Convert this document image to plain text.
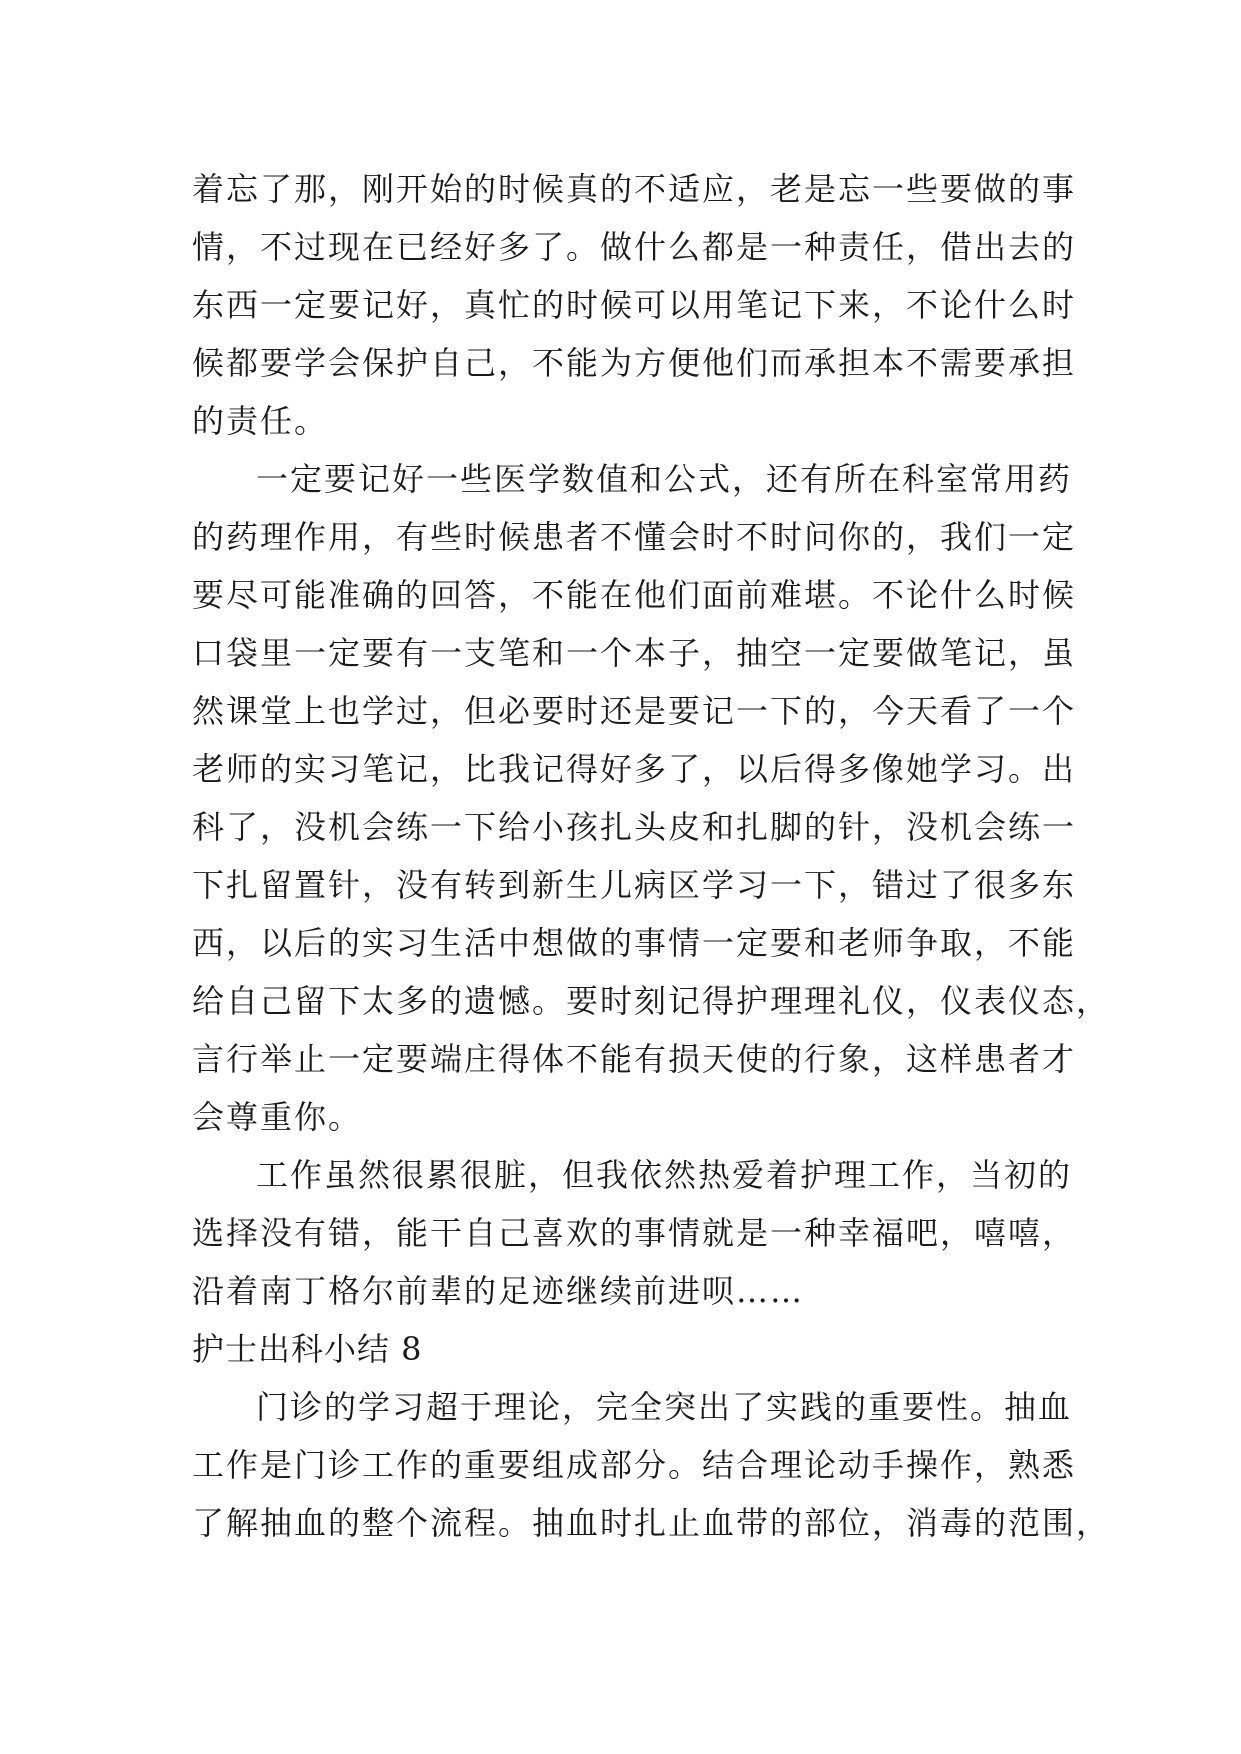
着忘了那，刚开始的时候真的不适应，老是忘一些要做的事
情，不过现在已经好多了。做什么都是一种责任，借出去的
东西一定要记好，真忙的时候可以用笔记下来，不论什么时
候都要学会保护自己，不能为方便他们而承担本不需要承担
的责任。
一定要记好一些医学数值和公式，还有所在科室常用药
的药理作用，有些时候患者不懂会时不时问你的，我们一定
要尽可能准确的回答，不能在他们面前难堪。不论什么时候
口袋里一定要有一支笔和一个本子，抽空一定要做笔记，虽
然课堂上也学过，但必要时还是要记一下的，今天看了一个
老师的实习笔记，比我记得好多了，以后得多像她学习。出
科了，没机会练一下给小孩扎头皮和扎脚的针，没机会练一
下扎留置针，没有转到新生儿病区学习一下，错过了很多东
西，以后的实习生活中想做的事情一定要和老师争取，不能
给自己留下太多的遗憾。要时刻记得护理理礼仪，仪表仪态，
言行举止一定要端庄得体不能有损天使的行象，这样患者才
会尊重你。
工作虽然很累很脏，但我依然热爱着护理工作，当初的
选择没有错，能干自己喜欢的事情就是一种幸福吧，嘻嘻，
沿着南丁格尔前辈的足迹继续前进呗……
护士出科小结 8
门诊的学习超于理论，完全突出了实践的重要性。抽血
工作是门诊工作的重要组成部分。结合理论动手操作，熟悉
了解抽血的整个流程。抽血时扎止血带的部位，消毒的范围，
